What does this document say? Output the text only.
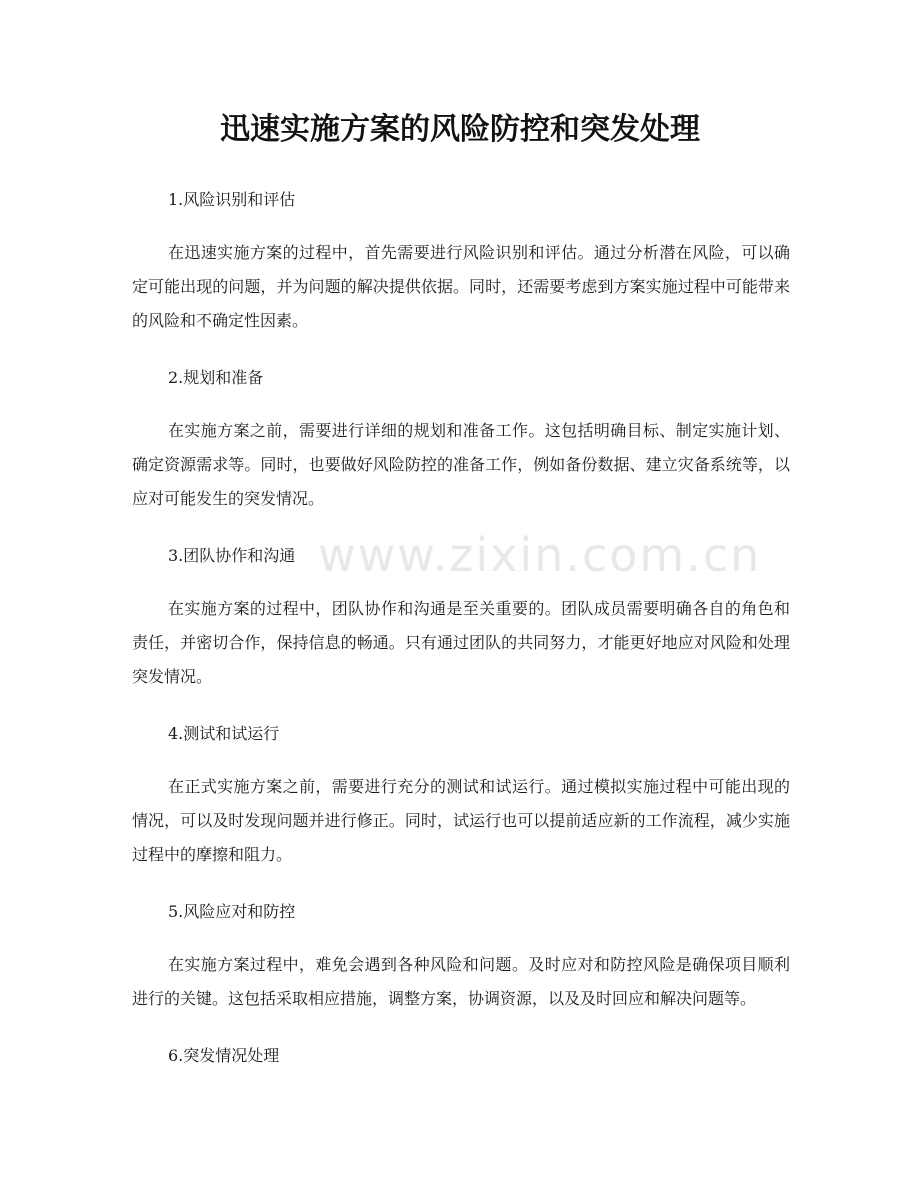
迅速实施方案的风险防控和突发处理

1.风险识别和评估

在迅速实施方案的过程中，首先需要进行风险识别和评估。通过分析潜在风险，可以确定可能出现的问题，并为问题的解决提供依据。同时，还需要考虑到方案实施过程中可能带来的风险和不确定性因素。

2.规划和准备

在实施方案之前，需要进行详细的规划和准备工作。这包括明确目标、制定实施计划、确定资源需求等。同时，也要做好风险防控的准备工作，例如备份数据、建立灾备系统等，以应对可能发生的突发情况。

3.团队协作和沟通

在实施方案的过程中，团队协作和沟通是至关重要的。团队成员需要明确各自的角色和责任，并密切合作，保持信息的畅通。只有通过团队的共同努力，才能更好地应对风险和处理突发情况。

4.测试和试运行

在正式实施方案之前，需要进行充分的测试和试运行。通过模拟实施过程中可能出现的情况，可以及时发现问题并进行修正。同时，试运行也可以提前适应新的工作流程，减少实施过程中的摩擦和阻力。

5.风险应对和防控

在实施方案过程中，难免会遇到各种风险和问题。及时应对和防控风险是确保项目顺利进行的关键。这包括采取相应措施，调整方案，协调资源，以及及时回应和解决问题等。

6.突发情况处理

www.zixin.com.cn
